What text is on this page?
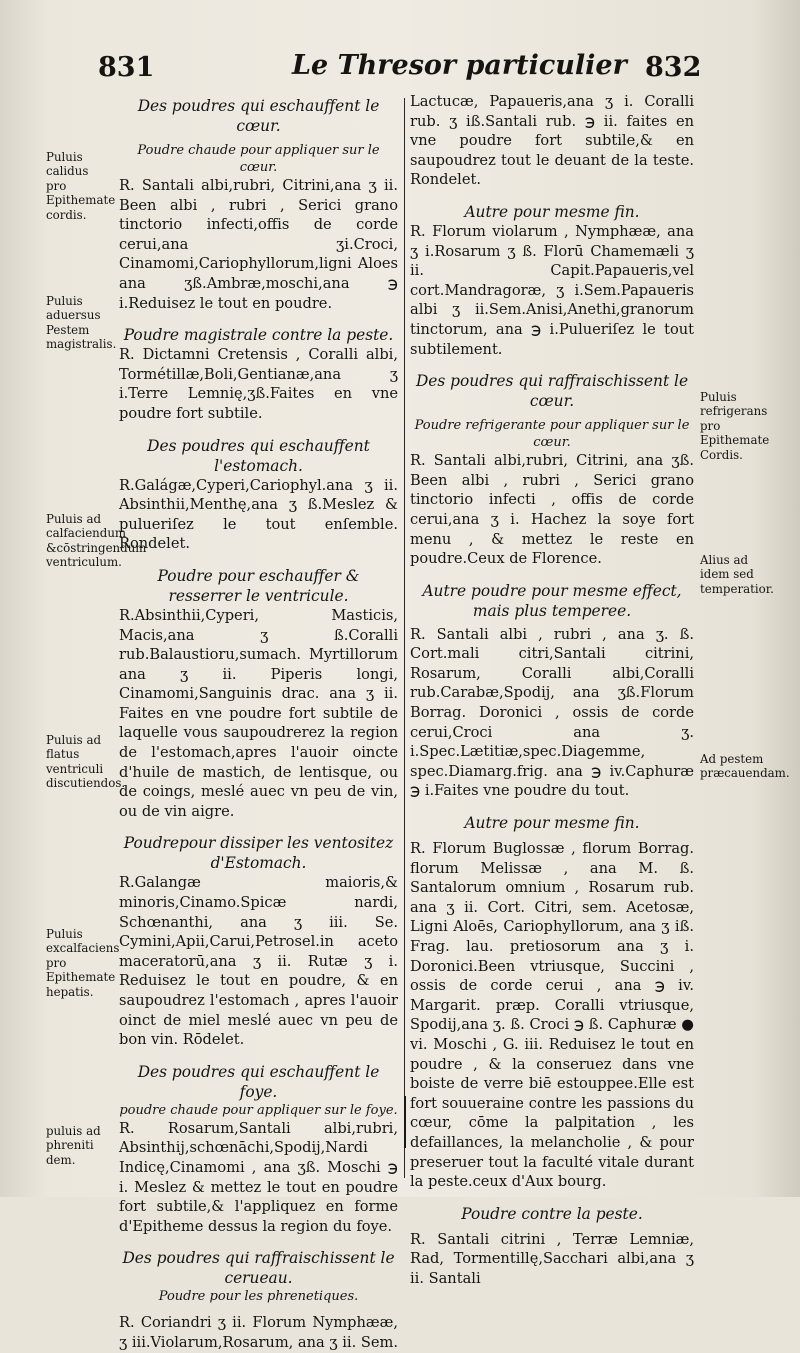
831	Le Thresor particulier 832
Puluis calidus pro Epithemate cordis.
Puluis aduersus Pestem magistralis.
Puluis ad calfaciendum &cōstringendum ventriculum.
Puluis ad flatus ventriculi discutiendos.
Puluis excalfaciens pro Epithemate hepatis.
puluis ad phreniti dem.
Puluis refrigerans pro Epithemate Cordis.
Alius ad idem sed temperatior.
Ad pestem præcauendam.

Des poudres qui eschauffent le cœur.

Poudre chaude pour appliquer sur le cœur.

R. Santali albi,rubri, Citrini,ana ʒ ii. Been albi , rubri , Serici grano tinctorio infecti,offis de corde cerui,ana ʒi.Croci, Cinamomi,Cariophyllorum,ligni Aloes ana ʒß.Ambræ,moschi,ana ℈ i.Reduisez le tout en poudre.

Poudre magistrale contre la peste.

R. Dictamni Cretensis , Coralli albi, Tormétillæ,Boli,Gentianæ,ana ʒ i.Terre Lemnię,ʒß.Faites en vne poudre fort subtile.

Des poudres qui eschauffent l'estomach.

R.Galágæ,Cyperi,Cariophyl.ana ʒ ii. Absinthii,Menthę,ana ʒ ß.Meslez & pulueriſez le tout enſemble. Rondelet.

Poudre pour eschauffer & resserrer le ventricule.

R.Absinthii,Cyperi, Masticis, Macis,ana ʒ ß.Coralli rub.Balaustioru,sumach. Myrtillorum ana ʒ ii. Piperis longi, Cinamomi,Sanguinis drac. ana ʒ ii. Faites en vne poudre fort subtile de laquelle vous saupoudrerez la region de l'estomach,apres l'auoir oincte d'huile de mastich, de lentisque, ou de coings, meslé auec vn peu de vin, ou de vin aigre.

Poudrepour dissiper les ventositez d'Estomach.

R.Galangæ maioris,& minoris,Cinamo.Spicæ nardi, Schœnanthi, ana ʒ iii. Se. Cymini,Apii,Carui,Petrosel.in aceto maceratorū,ana ʒ ii. Rutæ ʒ i. Reduisez le tout en poudre, & en saupoudrez l'estomach , apres l'auoir oinct de miel meslé auec vn peu de bon vin. Rōdelet.

Des poudres qui eschauffent le foye.

poudre chaude pour appliquer sur le foye.

R. Rosarum,Santali albi,rubri, Absinthij,schœnāchi,Spodij,Nardi Indicę,Cinamomi , ana ʒß. Moschi ℈ i. Meslez & mettez le tout en poudre fort subtile,& l'appliquez en forme d'Epitheme dessus la region du foye.

Des poudres qui raffraischissent le cerueau.

Poudre pour les phrenetiques.

R. Coriandri ʒ ii. Florum Nymphææ, ʒ iii.Violarum,Rosarum, ana ʒ ii. Sem.

Lactucæ, Papaueris,ana ʒ i. Coralli rub. ʒ iß.Santali rub. ℈ ii. faites en vne poudre fort subtile,& en saupoudrez tout le deuant de la teste. Rondelet.

Autre pour mesme fin.

R. Florum violarum , Nymphææ, ana ʒ i.Rosarum ʒ ß. Florū Chamemæli ʒ ii. Capit.Papaueris,vel cort.Mandragoræ, ʒ i.Sem.Papaueris albi ʒ ii.Sem.Anisi,Anethi,granorum tinctorum, ana ℈ i.Pulueriſez le tout subtilement.

Des poudres qui raffraischissent le cœur.

Poudre refrigerante pour appliquer sur le cœur.

R. Santali albi,rubri, Citrini, ana ʒß. Been albi , rubri , Serici grano tinctorio infecti , offis de corde cerui,ana ʒ i. Hachez la soye fort menu , & mettez le reste en poudre.Ceux de Florence.

Autre poudre pour mesme effect, mais plus temperee.

R. Santali albi , rubri , ana ʒ. ß. Cort.mali citri,Santali citrini, Rosarum, Coralli albi,Coralli rub.Carabæ,Spodij, ana ʒß.Florum Borrag. Doronici , ossis de corde cerui,Croci ana ʒ. i.Spec.Lætitiæ,spec.Diagemme, spec.Diamarg.frig. ana ℈ iv.Caphuræ ℈ i.Faites vne poudre du tout.

Autre pour mesme fin.

R. Florum Buglossæ , florum Borrag. florum Melissæ , ana M. ß. Santalorum omnium , Rosarum rub. ana ʒ ii. Cort. Citri, sem. Acetosæ, Ligni Aloēs, Cariophyllorum, ana ʒ iß. Frag. lau. pretiosorum ana ʒ i. Doronici.Been vtriusque, Succini , ossis de corde cerui , ana ℈ iv. Margarit. præp. Coralli vtriusque, Spodij,ana ʒ. ß. Croci ℈ ß. Caphuræ ● vi. Moschi , G. iii. Reduisez le tout en poudre , & la conseruez dans vne boiste de verre biē estouppee.Elle est fort souueraine contre les passions du cœur, cōme la palpitation , les defaillances, la melancholie , & pour preseruer tout la faculté vitale durant la peste.ceux d'Aux bourg.

Poudre contre la peste.

R. Santali citrini , Terræ Lemniæ, Rad, Tormentillę,Sacchari albi,ana ʒ ii. Santali
